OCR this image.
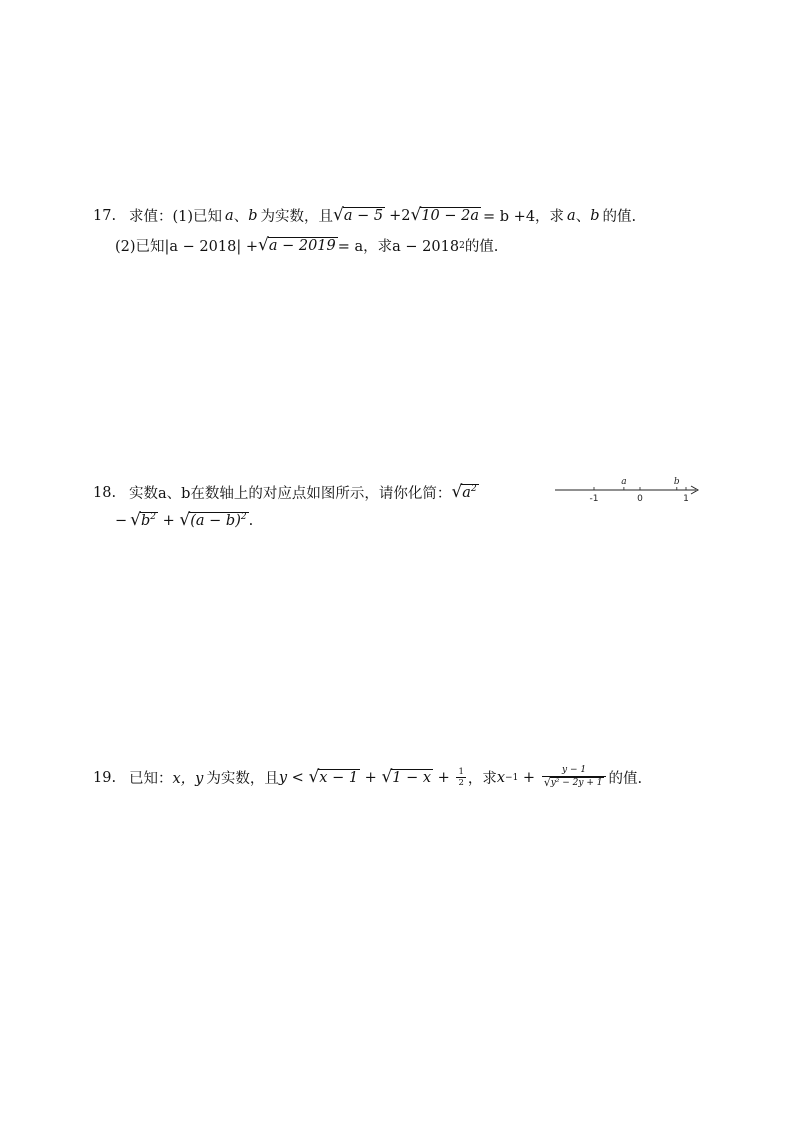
17. 求值：(1)已知 a 、 b 为实数，且 √ a − 5 +2 √ 10 − 2a = b +4，求 a 、 b 的值.
(2)已知|a − 2018| + √ a − 2019 = a，求a − 2018 2 的值.
18. 实数a、b在数轴上的对应点如图所示，请你化简： √ $a^2$
-1	0	1
a	b
− √ $b^2$ + √ $(a - b)^2$ .
19. 已知： x，y 为实数，且 y < √ x − 1 + √ $1 - x + \frac{1}{2}$ ，求 $x -1 + \frac{y - 1}{\text{√ y² − 2y + 1}}$ 的值.
